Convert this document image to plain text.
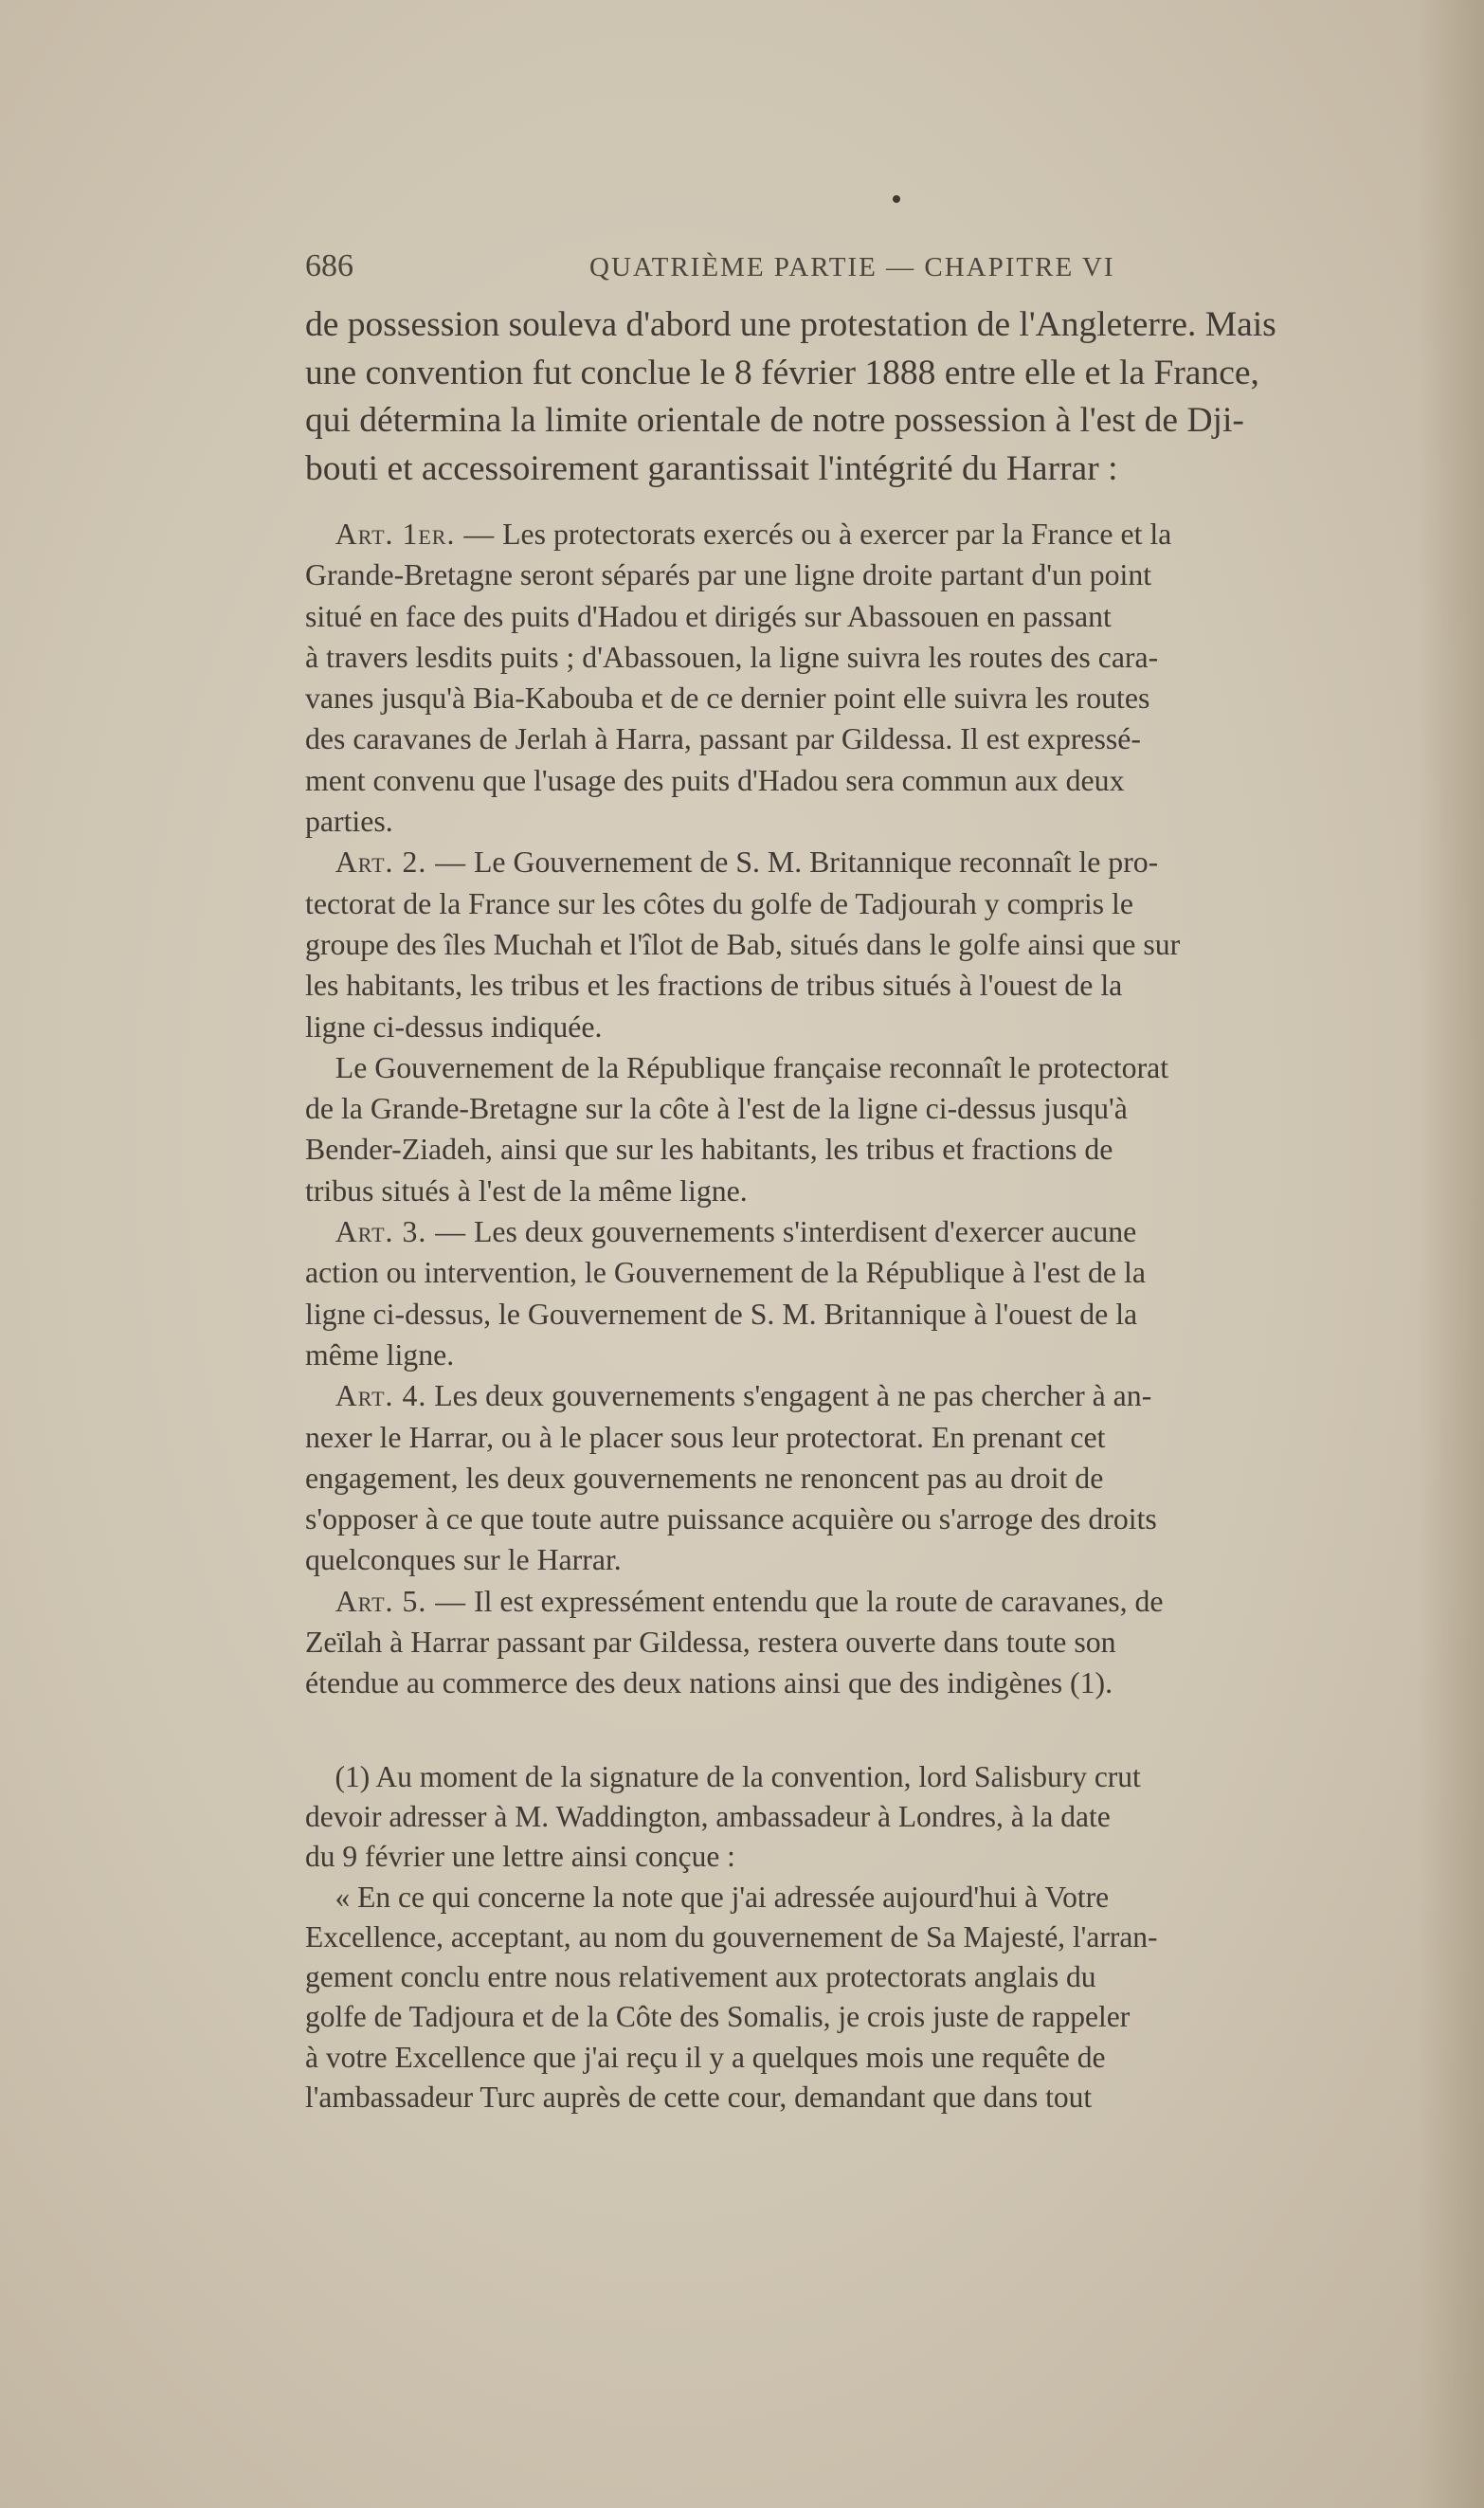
686	QUATRIÈME PARTIE — CHAPITRE VI

de possession souleva d'abord une protestation de l'Angleterre. Mais

une convention fut conclue le 8 février 1888 entre elle et la France,

qui détermina la limite orientale de notre possession à l'est de Dji-

bouti et accessoirement garantissait l'intégrité du Harrar :

 Art. 1er. — Les protectorats exercés ou à exercer par la France et la

Grande-Bretagne seront séparés par une ligne droite partant d'un point

situé en face des puits d'Hadou et dirigés sur Abassouen en passant

à travers lesdits puits ; d'Abassouen, la ligne suivra les routes des cara-

vanes jusqu'à Bia-Kabouba et de ce dernier point elle suivra les routes

des caravanes de Jerlah à Harra, passant par Gildessa. Il est expressé-

ment convenu que l'usage des puits d'Hadou sera commun aux deux

parties.

 Art. 2. — Le Gouvernement de S. M. Britannique reconnaît le pro-

tectorat de la France sur les côtes du golfe de Tadjourah y compris le

groupe des îles Muchah et l'îlot de Bab, situés dans le golfe ainsi que sur

les habitants, les tribus et les fractions de tribus situés à l'ouest de la

ligne ci-dessus indiquée.

 Le Gouvernement de la République française reconnaît le protectorat

de la Grande-Bretagne sur la côte à l'est de la ligne ci-dessus jusqu'à

Bender-Ziadeh, ainsi que sur les habitants, les tribus et fractions de

tribus situés à l'est de la même ligne.

 Art. 3. — Les deux gouvernements s'interdisent d'exercer aucune

action ou intervention, le Gouvernement de la République à l'est de la

ligne ci-dessus, le Gouvernement de S. M. Britannique à l'ouest de la

même ligne.

 Art. 4. Les deux gouvernements s'engagent à ne pas chercher à an-

nexer le Harrar, ou à le placer sous leur protectorat. En prenant cet

engagement, les deux gouvernements ne renoncent pas au droit de

s'opposer à ce que toute autre puissance acquière ou s'arroge des droits

quelconques sur le Harrar.

 Art. 5. — Il est expressément entendu que la route de caravanes, de

Zeïlah à Harrar passant par Gildessa, restera ouverte dans toute son

étendue au commerce des deux nations ainsi que des indigènes (1).

 (1) Au moment de la signature de la convention, lord Salisbury crut

devoir adresser à M. Waddington, ambassadeur à Londres, à la date

du 9 février une lettre ainsi conçue :

 « En ce qui concerne la note que j'ai adressée aujourd'hui à Votre

Excellence, acceptant, au nom du gouvernement de Sa Majesté, l'arran-

gement conclu entre nous relativement aux protectorats anglais du

golfe de Tadjoura et de la Côte des Somalis, je crois juste de rappeler

à votre Excellence que j'ai reçu il y a quelques mois une requête de

l'ambassadeur Turc auprès de cette cour, demandant que dans tout
